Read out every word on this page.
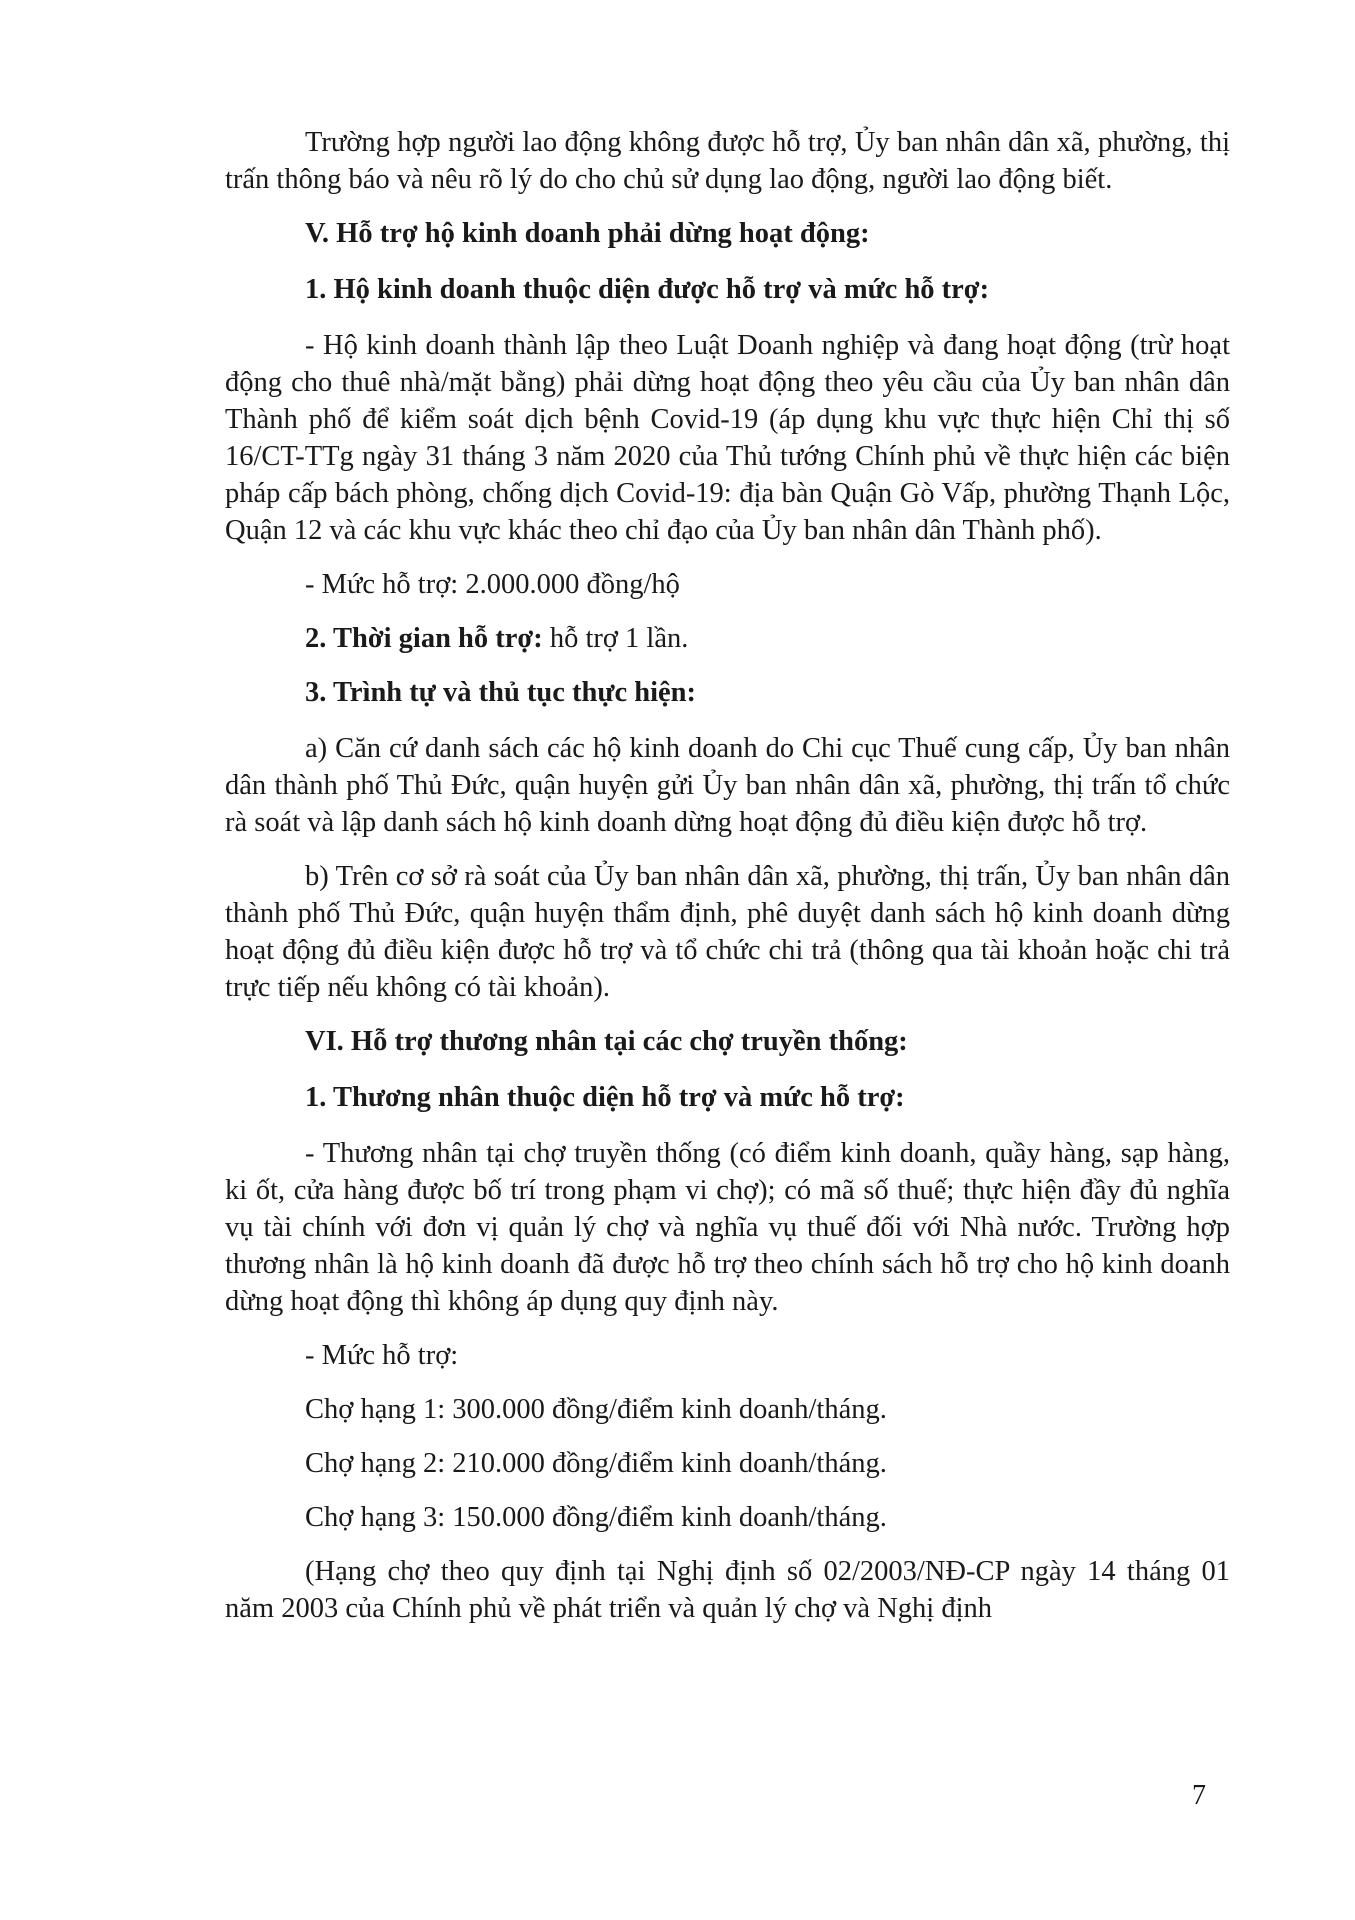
Trường hợp người lao động không được hỗ trợ, Ủy ban nhân dân xã, phường, thị trấn thông báo và nêu rõ lý do cho chủ sử dụng lao động, người lao động biết.

V. Hỗ trợ hộ kinh doanh phải dừng hoạt động:

1. Hộ kinh doanh thuộc diện được hỗ trợ và mức hỗ trợ:

- Hộ kinh doanh thành lập theo Luật Doanh nghiệp và đang hoạt động (trừ hoạt động cho thuê nhà/mặt bằng) phải dừng hoạt động theo yêu cầu của Ủy ban nhân dân Thành phố để kiểm soát dịch bệnh Covid-19 (áp dụng khu vực thực hiện Chỉ thị số 16/CT-TTg ngày 31 tháng 3 năm 2020 của Thủ tướng Chính phủ về thực hiện các biện pháp cấp bách phòng, chống dịch Covid-19: địa bàn Quận Gò Vấp, phường Thạnh Lộc, Quận 12 và các khu vực khác theo chỉ đạo của Ủy ban nhân dân Thành phố).

- Mức hỗ trợ: 2.000.000 đồng/hộ

2. Thời gian hỗ trợ: hỗ trợ 1 lần.

3. Trình tự và thủ tục thực hiện:

a) Căn cứ danh sách các hộ kinh doanh do Chi cục Thuế cung cấp, Ủy ban nhân dân thành phố Thủ Đức, quận huyện gửi Ủy ban nhân dân xã, phường, thị trấn tổ chức rà soát và lập danh sách hộ kinh doanh dừng hoạt động đủ điều kiện được hỗ trợ.

b) Trên cơ sở rà soát của Ủy ban nhân dân xã, phường, thị trấn, Ủy ban nhân dân thành phố Thủ Đức, quận huyện thẩm định, phê duyệt danh sách hộ kinh doanh dừng hoạt động đủ điều kiện được hỗ trợ và tổ chức chi trả (thông qua tài khoản hoặc chi trả trực tiếp nếu không có tài khoản).

VI. Hỗ trợ thương nhân tại các chợ truyền thống:

1. Thương nhân thuộc diện hỗ trợ và mức hỗ trợ:

- Thương nhân tại chợ truyền thống (có điểm kinh doanh, quầy hàng, sạp hàng, ki ốt, cửa hàng được bố trí trong phạm vi chợ); có mã số thuế; thực hiện đầy đủ nghĩa vụ tài chính với đơn vị quản lý chợ và nghĩa vụ thuế đối với Nhà nước. Trường hợp thương nhân là hộ kinh doanh đã được hỗ trợ theo chính sách hỗ trợ cho hộ kinh doanh dừng hoạt động thì không áp dụng quy định này.

- Mức hỗ trợ:

Chợ hạng 1: 300.000 đồng/điểm kinh doanh/tháng.

Chợ hạng 2: 210.000 đồng/điểm kinh doanh/tháng.

Chợ hạng 3: 150.000 đồng/điểm kinh doanh/tháng.

(Hạng chợ theo quy định tại Nghị định số 02/2003/NĐ-CP ngày 14 tháng 01 năm 2003 của Chính phủ về phát triển và quản lý chợ và Nghị định

7
